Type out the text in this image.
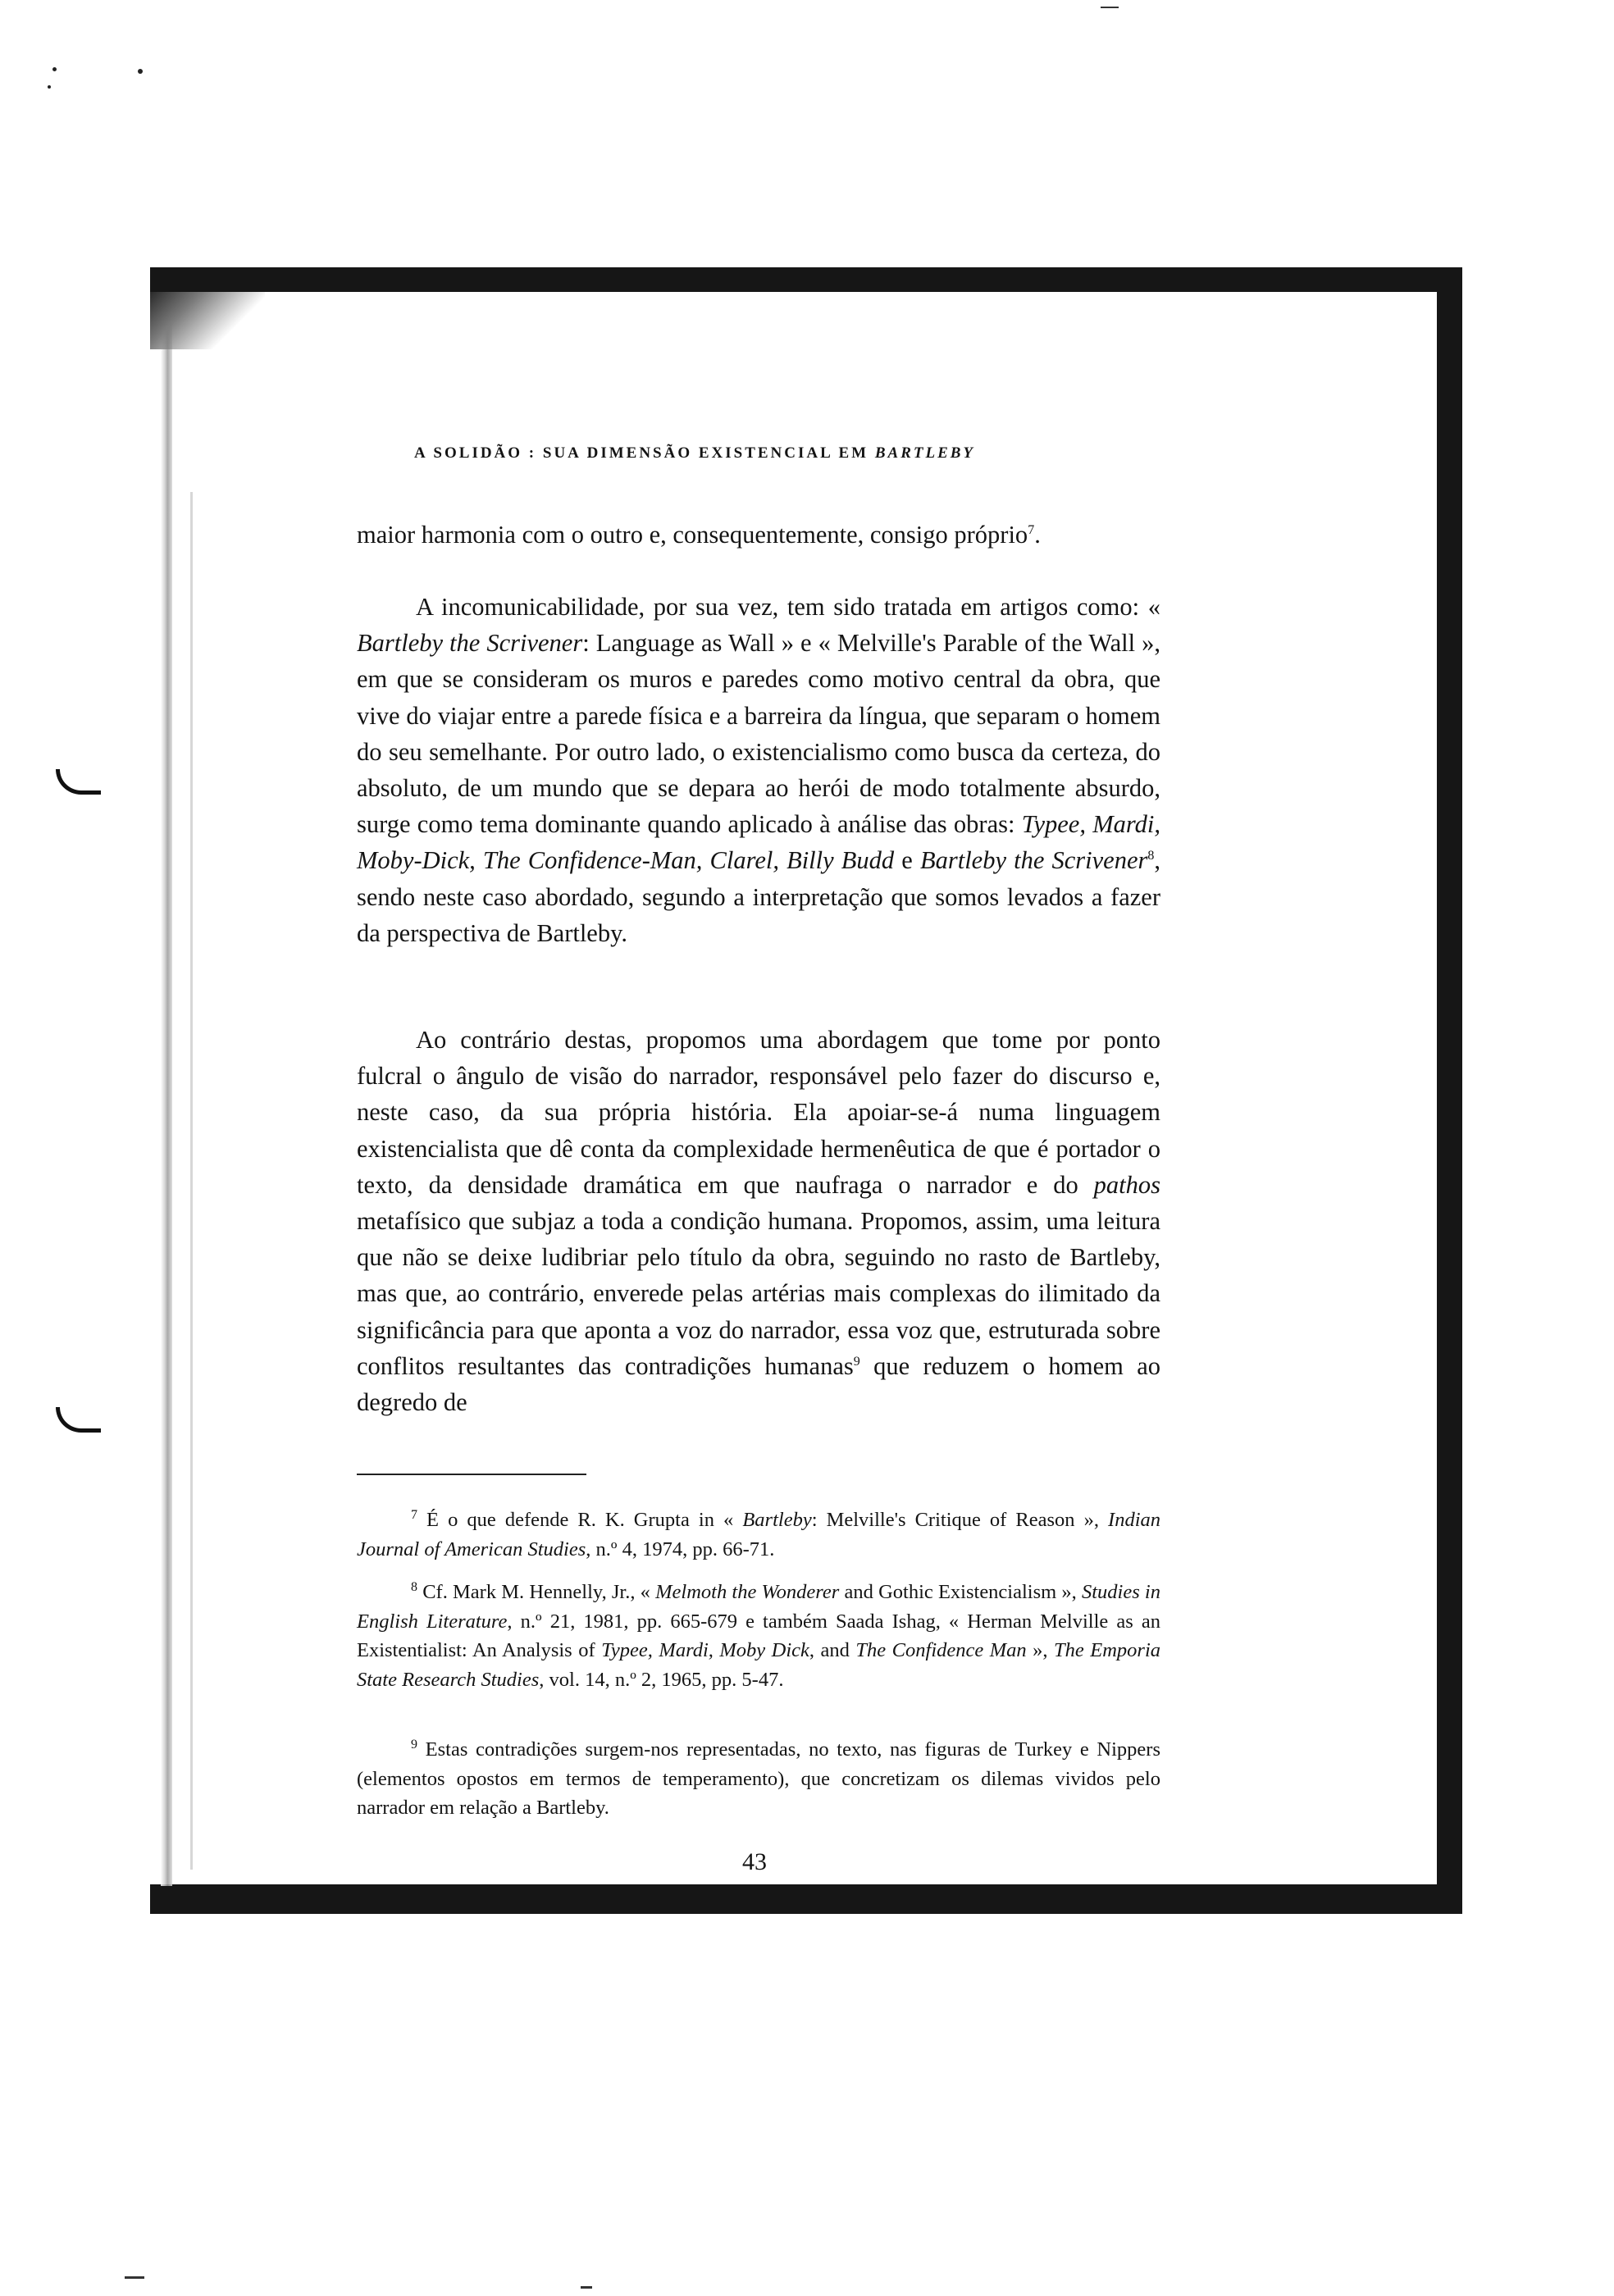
A SOLIDÃO : SUA DIMENSÃO EXISTENCIAL EM BARTLEBY

maior harmonia com o outro e, consequentemente, consigo próprio$^7$.

A incomunicabilidade, por sua vez, tem sido tratada em artigos como: « Bartleby the Scrivener: Language as Wall » e « Melville's Parable of the Wall », em que se consideram os muros e paredes como motivo central da obra, que vive do viajar entre a parede física e a barreira da língua, que separam o homem do seu semelhante. Por outro lado, o existencialismo como busca da certeza, do absoluto, de um mundo que se depara ao herói de modo totalmente absurdo, surge como tema dominante quando aplicado à análise das obras: Typee, Mardi, Moby-Dick, The Confidence-Man, Clarel, Billy Budd e Bartleby the Scrivener$^8$, sendo neste caso abordado, segundo a interpretação que somos levados a fazer da perspectiva de Bartleby.

Ao contrário destas, propomos uma abordagem que tome por ponto fulcral o ângulo de visão do narrador, responsável pelo fazer do discurso e, neste caso, da sua própria história. Ela apoiar-se-á numa linguagem existencialista que dê conta da complexidade hermenêutica de que é portador o texto, da densidade dramática em que naufraga o narrador e do pathos metafísico que subjaz a toda a condição humana. Propomos, assim, uma leitura que não se deixe ludibriar pelo título da obra, seguindo no rasto de Bartleby, mas que, ao contrário, enverede pelas artérias mais complexas do ilimitado da significância para que aponta a voz do narrador, essa voz que, estruturada sobre conflitos resultantes das contradições humanas$^9$ que reduzem o homem ao degredo de

$^7$ É o que defende R. K. Grupta in « Bartleby: Melville's Critique of Reason », Indian Journal of American Studies, n.º 4, 1974, pp. 66-71.

$^8$ Cf. Mark M. Hennelly, Jr., « Melmoth the Wonderer and Gothic Existencialism », Studies in English Literature, n.º 21, 1981, pp. 665-679 e também Saada Ishag, « Herman Melville as an Existentialist: An Analysis of Typee, Mardi, Moby Dick, and The Confidence Man », The Emporia State Research Studies, vol. 14, n.º 2, 1965, pp. 5-47.

$^9$ Estas contradições surgem-nos representadas, no texto, nas figuras de Turkey e Nippers (elementos opostos em termos de temperamento), que concretizam os dilemas vividos pelo narrador em relação a Bartleby.

43
